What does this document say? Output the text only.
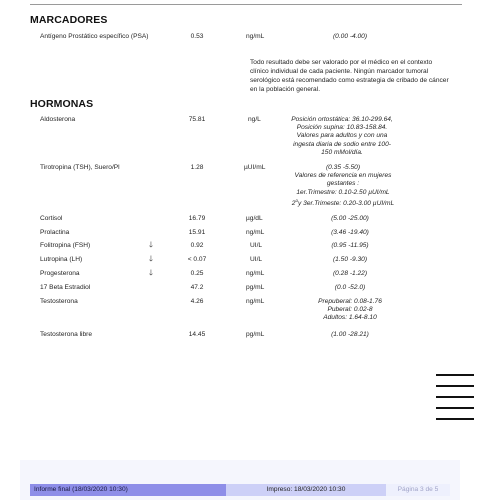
MARCADORES
Antígeno Prostático específico (PSA)	0.53	ng/mL	(0.00 -4.00)
Todo resultado debe ser valorado por el médico en el contexto clínico individual de cada paciente. Ningún marcador tumoral serológico está recomendado como estrategia de cribado de cáncer en la población general.
HORMONAS
Aldosterona	75.81	ng/L	Posición ortostática: 36.10-299.64, Posición supina: 10.83-158.84. Valores para adultos y con una ingesta diaria de sodio entre 100-150 mMol/día.
Tirotropina (TSH), Suero/Pl	1.28	µUI/mL	(0.35 -5.50)
Valores de referencia en mujeres gestantes :
1er.Trimestre: 0.10-2.50 µUI/mL
2$^o$y 3er.Trimeste: 0.20-3.00 µUI/mL
Cortisol	16.79	µg/dL	(5.00 -25.00)
Prolactina	15.91	ng/mL	(3.46 -19.40)
Folitropina (FSH)	🡓	0.92	UI/L	(0.95 -11.95)
Lutropina (LH)	🡓	< 0.07	UI/L	(1.50 -9.30)
Progesterona	🡓	0.25	ng/mL	(0.28 -1.22)
17 Beta Estradiol	47.2	pg/mL	(0.0 -52.0)
Testosterona	4.26	ng/mL	Prepuberal: 0.08-1.76
Puberal: 0.02-8
Adultos: 1.64-8.10
Testosterona libre	14.45	pg/mL	(1.00 -28.21)
Informe final (18/03/2020 10:30)	Impreso: 18/03/2020 10:30	Página 3 de 5
